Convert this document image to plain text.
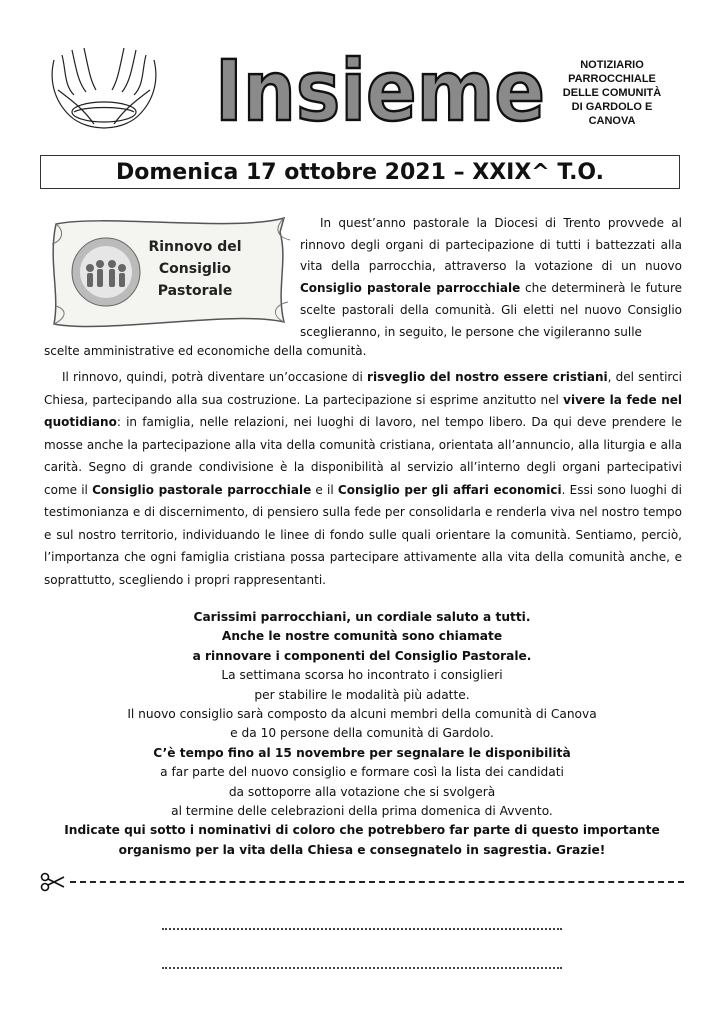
Insieme	NOTIZIARIO
PARROCCHIALE
DELLE COMUNITÀ
DI GARDOLO E
CANOVA
Domenica 17 ottobre 2021 – XXIX^ T.O.
Rinnovo del
Consiglio
Pastorale
In quest’anno pastorale la Diocesi di Trento provvede al rinnovo degli organi di partecipazione di tutti i battezzati alla vita della parrocchia, attraverso la votazione di un nuovo Consiglio pastorale parrocchiale che determinerà le future scelte pastorali della comunità. Gli eletti nel nuovo Consiglio sceglieranno, in seguito, le persone che vigileranno sulle
scelte amministrative ed economiche della comunità.
Il rinnovo, quindi, potrà diventare un’occasione di risveglio del nostro essere cristiani, del sentirci Chiesa, partecipando alla sua costruzione. La partecipazione si esprime anzitutto nel vivere la fede nel quotidiano: in famiglia, nelle relazioni, nei luoghi di lavoro, nel tempo libero. Da qui deve prendere le mosse anche la partecipazione alla vita della comunità cristiana, orientata all’annuncio, alla liturgia e alla carità. Segno di grande condivisione è la disponibilità al servizio all’interno degli organi partecipativi come il Consiglio pastorale parrocchiale e il Consiglio per gli affari economici. Essi sono luoghi di testimonianza e di discernimento, di pensiero sulla fede per consolidarla e renderla viva nel nostro tempo e sul nostro territorio, individuando le linee di fondo sulle quali orientare la comunità. Sentiamo, perciò, l’importanza che ogni famiglia cristiana possa partecipare attivamente alla vita della comunità anche, e soprattutto, scegliendo i propri rappresentanti.
Carissimi parrocchiani, un cordiale saluto a tutti.
Anche le nostre comunità sono chiamate
a rinnovare i componenti del Consiglio Pastorale.
La settimana scorsa ho incontrato i consiglieri
per stabilire le modalità più adatte.
Il nuovo consiglio sarà composto da alcuni membri della comunità di Canova
e da 10 persone della comunità di Gardolo.
C’è tempo fino al 15 novembre per segnalare le disponibilità
a far parte del nuovo consiglio e formare così la lista dei candidati
da sottoporre alla votazione che si svolgerà
al termine delle celebrazioni della prima domenica di Avvento.
Indicate qui sotto i nominativi di coloro che potrebbero far parte di questo importante
organismo per la vita della Chiesa e consegnatelo in sagrestia. Grazie!
